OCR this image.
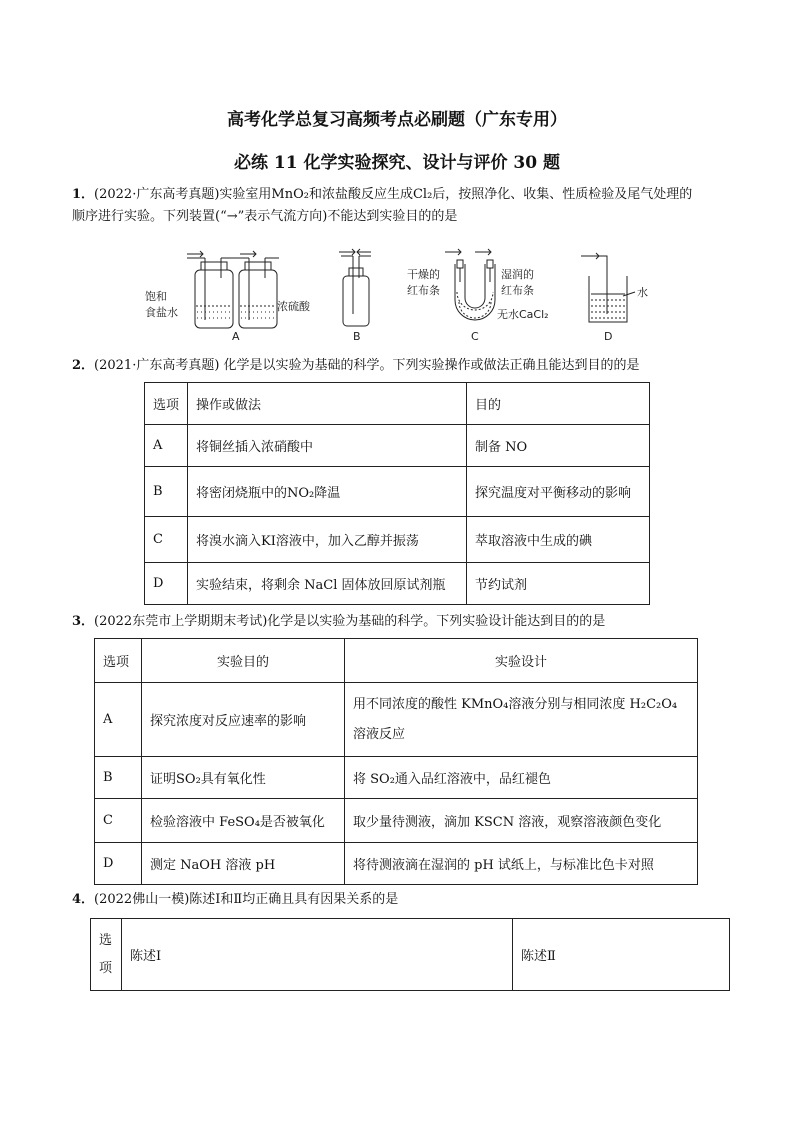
高考化学总复习高频考点必刷题（广东专用）
必练 11 化学实验探究、设计与评价 30 题
1．(2022·广东高考真题)实验室用MnO₂和浓盐酸反应生成Cl₂后，按照净化、收集、性质检验及尾气处理的
顺序进行实验。下列装置(“→”表示气流方向)不能达到实验目的的是
饱和
食盐水	浓硫酸
A	B
干燥的
红布条
湿润的
红布条
无水CaCl₂
C
水
D
2．(2021·广东高考真题) 化学是以实验为基础的科学。下列实验操作或做法正确且能达到目的的是
选项	操作或做法	目的
A	将铜丝插入浓硝酸中	制备 NO
B	将密闭烧瓶中的NO₂降温	探究温度对平衡移动的影响
C	将溴水滴入KI溶液中，加入乙醇并振荡	萃取溶液中生成的碘
D	实验结束，将剩余 NaCl 固体放回原试剂瓶	节约试剂
3．(2022东莞市上学期期末考试)化学是以实验为基础的科学。下列实验设计能达到目的的是
选项	实验目的	实验设计
A	探究浓度对反应速率的影响	用不同浓度的酸性 KMnO₄溶液分别与相同浓度 H₂C₂O₄
溶液反应

B	证明SO₂具有氧化性	将 SO₂通入品红溶液中，品红褪色
C	检验溶液中 FeSO₄是否被氧化	取少量待测液，滴加 KSCN 溶液，观察溶液颜色变化
D	测定 NaOH 溶液 pH	将待测液滴在湿润的 pH 试纸上，与标准比色卡对照
4．(2022佛山一模)陈述Ⅰ和Ⅱ均正确且具有因果关系的是
选
项
	陈述Ⅰ	陈述Ⅱ
